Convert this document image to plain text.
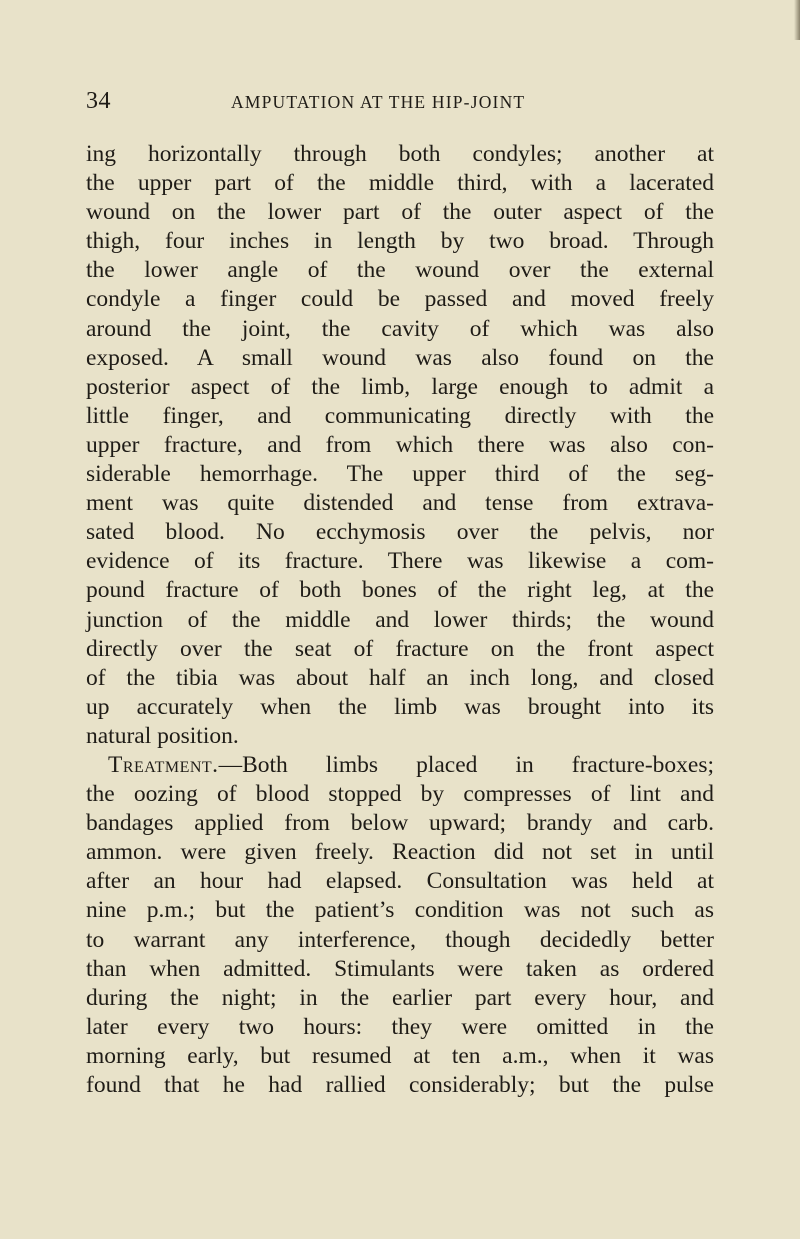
34	AMPUTATION AT THE HIP-JOINT
ing horizontally through both condyles; another at
the upper part of the middle third, with a lacerated
wound on the lower part of the outer aspect of the
thigh, four inches in length by two broad. Through
the lower angle of the wound over the external
condyle a finger could be passed and moved freely
around the joint, the cavity of which was also
exposed. A small wound was also found on the
posterior aspect of the limb, large enough to admit a
little finger, and communicating directly with the
upper fracture, and from which there was also con-
siderable hemorrhage. The upper third of the seg-
ment was quite distended and tense from extrava-
sated blood. No ecchymosis over the pelvis, nor
evidence of its fracture. There was likewise a com-
pound fracture of both bones of the right leg, at the
junction of the middle and lower thirds; the wound
directly over the seat of fracture on the front aspect
of the tibia was about half an inch long, and closed
up accurately when the limb was brought into its
natural position.
Treatment.—Both limbs placed in fracture-boxes;
the oozing of blood stopped by compresses of lint and
bandages applied from below upward; brandy and carb.
ammon. were given freely. Reaction did not set in until
after an hour had elapsed. Consultation was held at
nine p.m.; but the patient’s condition was not such as
to warrant any interference, though decidedly better
than when admitted. Stimulants were taken as ordered
during the night; in the earlier part every hour, and
later every two hours: they were omitted in the
morning early, but resumed at ten a.m., when it was
found that he had rallied considerably; but the pulse
